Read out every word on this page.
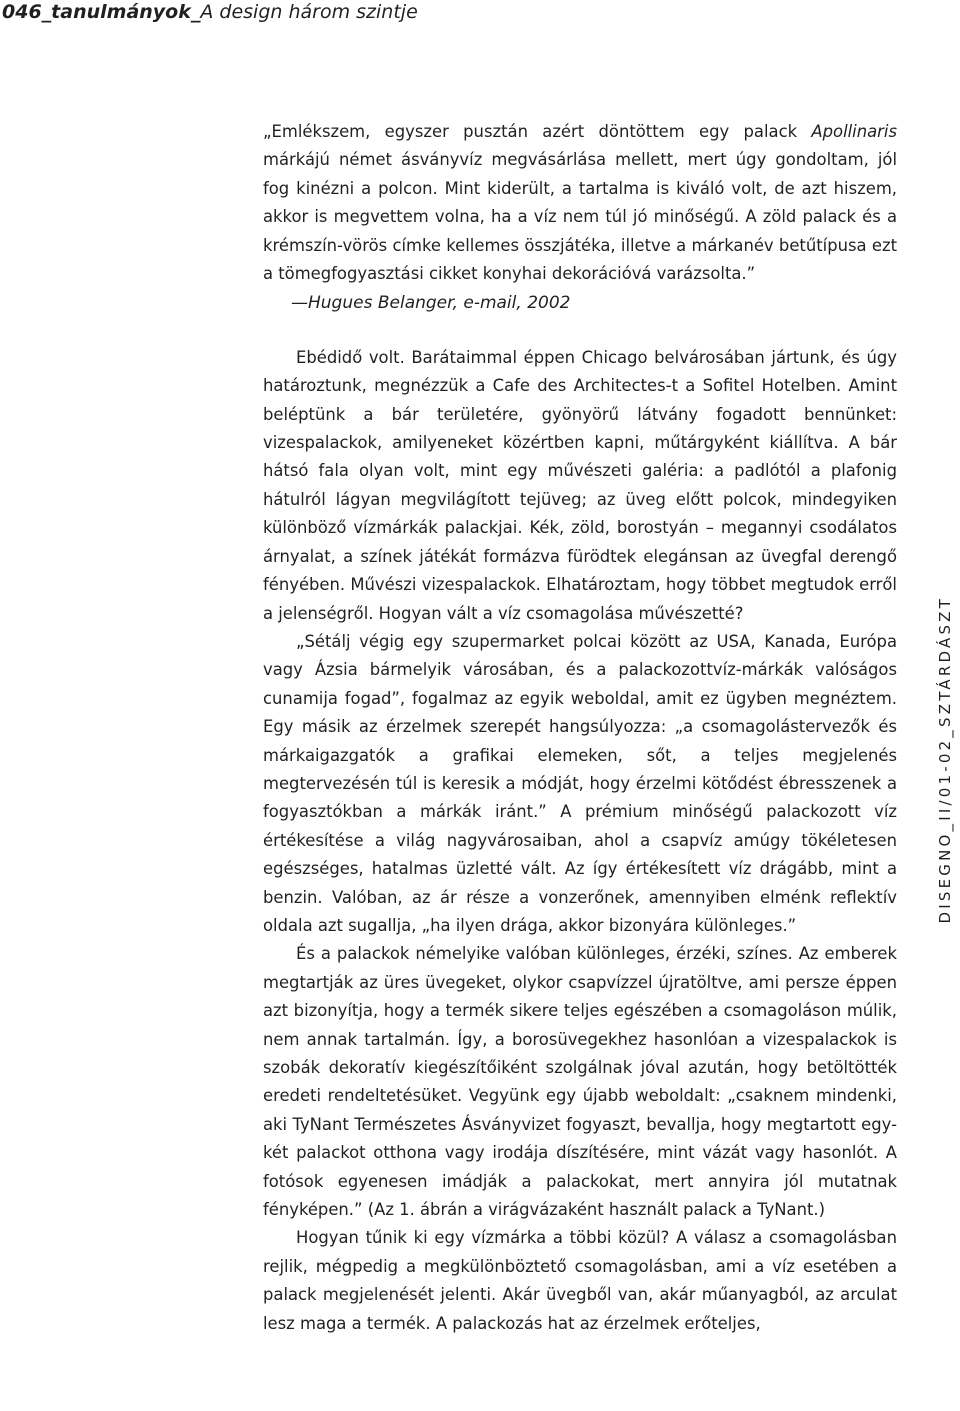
046_tanulmányok_A design három szintje
DISEGNO_II/01-02_SZTÁRDÁSZT

„Emlékszem, egyszer pusztán azért döntöttem egy palack Apollinaris márkájú német ásványvíz megvásárlása mellett, mert úgy gondoltam, jól fog kinézni a polcon. Mint kiderült, a tartalma is kiváló volt, de azt hiszem, akkor is megvettem volna, ha a víz nem túl jó minőségű. A zöld palack és a krémszín-vörös címke kellemes összjátéka, illetve a márkanév betűtípusa ezt a tömegfogyasztási cikket konyhai dekorációvá varázsolta.”

—Hugues Belanger, e-mail, 2002

Ebédidő volt. Barátaimmal éppen Chicago belvárosában jártunk, és úgy határoztunk, megnézzük a Cafe des Architectes-t a Sofitel Hotelben. Amint beléptünk a bár területére, gyönyörű látvány fogadott bennünket: vizespalackok, amilyeneket közértben kapni, műtárgyként kiállítva. A bár hátsó fala olyan volt, mint egy művészeti galéria: a padlótól a plafonig hátulról lágyan megvilágított tejüveg; az üveg előtt polcok, mindegyiken különböző vízmárkák palackjai. Kék, zöld, borostyán – megannyi csodálatos árnyalat, a színek játékát formázva fürödtek elegánsan az üvegfal derengő fényében. Művészi vizespalackok. Elhatároztam, hogy többet megtudok erről a jelenségről. Hogyan vált a víz csomagolása művészetté?

„Sétálj végig egy szupermarket polcai között az USA, Kanada, Európa vagy Ázsia bármelyik városában, és a palackozottvíz-márkák valóságos cunamija fogad”, fogalmaz az egyik weboldal, amit ez ügyben megnéztem. Egy másik az érzelmek szerepét hangsúlyozza: „a csomagolástervezők és márkaigazgatók a grafikai elemeken, sőt, a teljes megjelenés megtervezésén túl is keresik a módját, hogy érzelmi kötődést ébresszenek a fogyasztókban a márkák iránt.” A prémium minőségű palackozott víz értékesítése a világ nagyvárosaiban, ahol a csapvíz amúgy tökéletesen egészséges, hatalmas üzletté vált. Az így értékesített víz drágább, mint a benzin. Valóban, az ár része a vonzerőnek, amennyiben elménk reflektív oldala azt sugallja, „ha ilyen drága, akkor bizonyára különleges.”

És a palackok némelyike valóban különleges, érzéki, színes. Az emberek megtartják az üres üvegeket, olykor csapvízzel újratöltve, ami persze éppen azt bizonyítja, hogy a termék sikere teljes egészében a csomagoláson múlik, nem annak tartalmán. Így, a borosüvegekhez hasonlóan a vizespalackok is szobák dekoratív kiegészítőiként szolgálnak jóval azután, hogy betöltötték eredeti rendeltetésüket. Vegyünk egy újabb weboldalt: „csaknem mindenki, aki TyNant Természetes Ásványvizet fogyaszt, bevallja, hogy megtartott egy-két palackot otthona vagy irodája díszítésére, mint vázát vagy hasonlót. A fotósok egyenesen imádják a palackokat, mert annyira jól mutatnak fényképen.” (Az 1. ábrán a virágvázaként használt palack a TyNant.)

Hogyan tűnik ki egy vízmárka a többi közül? A válasz a csomagolásban rejlik, mégpedig a megkülönböztető csomagolásban, ami a víz esetében a palack megjelenését jelenti. Akár üvegből van, akár műanyagból, az arculat lesz maga a termék. A palackozás hat az érzelmek erőteljes,
